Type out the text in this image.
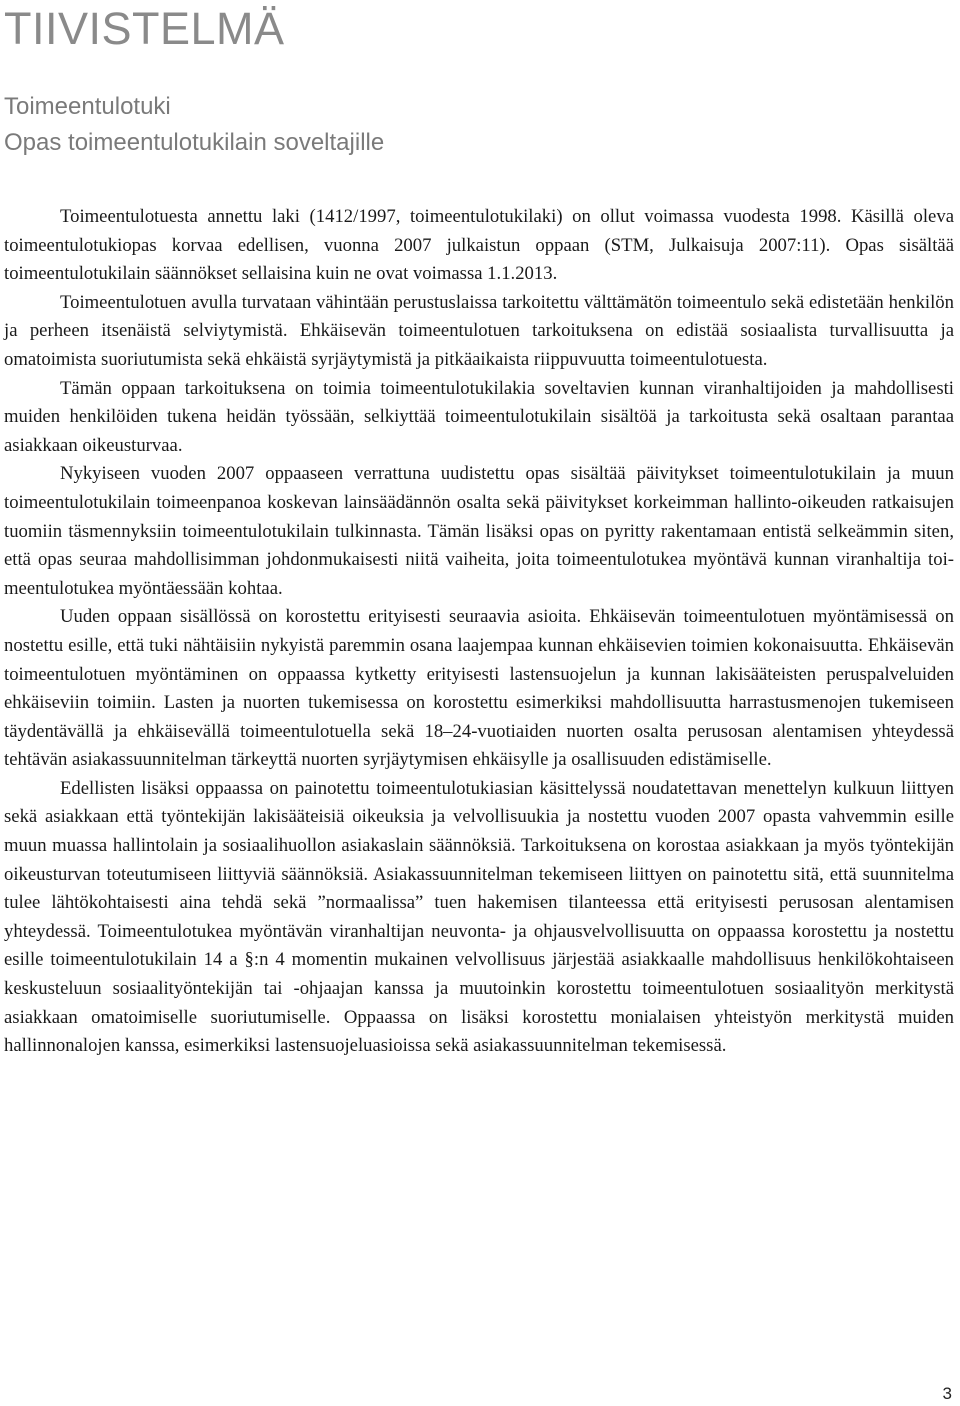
TIIVISTELMÄ
Toimeentulotuki
Opas toimeentulotukilain soveltajille

Toimeentulotuesta annettu laki (1412/1997, toimeentulotukilaki) on ollut voimassa vuodesta 1998. Käsillä oleva toimeentulotukiopas korvaa edellisen, vuonna 2007 julkaistun oppaan (STM, Julkaisuja 2007:11). Opas sisältää toimeentulotukilain säännökset sellaisina kuin ne ovat voimassa 1.1.2013.

Toimeentulotuen avulla turvataan vähintään perustuslaissa tarkoitettu välttämätön toimeentulo sekä edistetään henkilön ja perheen itsenäistä selviytymistä. Ehkäisevän toimeentulotuen tarkoituksena on edistää sosiaalista turvallisuutta ja omatoimista suoriutumista sekä ehkäistä syrjäytymistä ja pitkäaikaista riippuvuutta toimeentulotuesta.

Tämän oppaan tarkoituksena on toimia toimeentulotukilakia soveltavien kunnan viranhaltijoiden ja mahdollisesti muiden henkilöiden tukena heidän työssään, selkiyttää toimeentulotukilain sisältöä ja tarkoitusta sekä osaltaan parantaa asiakkaan oikeusturvaa.

Nykyiseen vuoden 2007 oppaaseen verrattuna uudistettu opas sisältää päivitykset toimeentulotukilain ja muun toimeentulotukilain toimeenpanoa koskevan lainsäädännön osalta sekä päivitykset korkeimman hallinto-oikeuden ratkaisujen tuomiin täsmennyksiin toimeentulotukilain tulkinnasta. Tämän lisäksi opas on pyritty rakentamaan entistä selkeämmin siten, että opas seuraa mahdollisimman johdonmukaisesti niitä vaiheita, joita toimeentulotukea myöntävä kunnan viranhaltija toimeentulotukea myöntäessään kohtaa.

Uuden oppaan sisällössä on korostettu erityisesti seuraavia asioita. Ehkäisevän toimeentulotuen myöntämisessä on nostettu esille, että tuki nähtäisiin nykyistä paremmin osana laajempaa kunnan ehkäisevien toimien kokonaisuutta. Ehkäisevän toimeentulotuen myöntäminen on oppaassa kytketty erityisesti lastensuojelun ja kunnan lakisääteisten peruspalveluiden ehkäiseviin toimiin. Lasten ja nuorten tukemisessa on korostettu esimerkiksi mahdollisuutta harrastusmenojen tukemiseen täydentävällä ja ehkäisevällä toimeentulotuella sekä 18–24-vuotiaiden nuorten osalta perusosan alentamisen yhteydessä tehtävän asiakassuunnitelman tärkeyttä nuorten syrjäytymisen ehkäisylle ja osallisuuden edistämiselle.

Edellisten lisäksi oppaassa on painotettu toimeentulotukiasian käsittelyssä noudatettavan menettelyn kulkuun liittyen sekä asiakkaan että työntekijän lakisääteisiä oikeuksia ja velvollisuukia ja nostettu vuoden 2007 opasta vahvemmin esille muun muassa hallintolain ja sosiaalihuollon asiakaslain säännöksiä. Tarkoituksena on korostaa asiakkaan ja myös työntekijän oikeusturvan toteutumiseen liittyviä säännöksiä. Asiakassuunnitelman tekemiseen liittyen on painotettu sitä, että suunnitelma tulee lähtökohtaisesti aina tehdä sekä ”normaalissa” tuen hakemisen tilanteessa että erityisesti perusosan alentamisen yhteydessä. Toimeentulotukea myöntävän viranhaltijan neuvonta- ja ohjausvelvollisuutta on oppaassa korostettu ja nostettu esille toimeentulotukilain 14 a §:n 4 momentin mukainen velvollisuus järjestää asiakkaalle mahdollisuus henkilökohtaiseen keskusteluun sosiaalityöntekijän tai -ohjaajan kanssa ja muutoinkin korostettu toimeentulotuen sosiaalityön merkitystä asiakkaan omatoimiselle suoriutumiselle. Oppaassa on lisäksi korostettu monialaisen yhteistyön merkitystä muiden hallinnonalojen kanssa, esimerkiksi lastensuojeluasioissa sekä asiakassuunnitelman tekemisessä.

3
